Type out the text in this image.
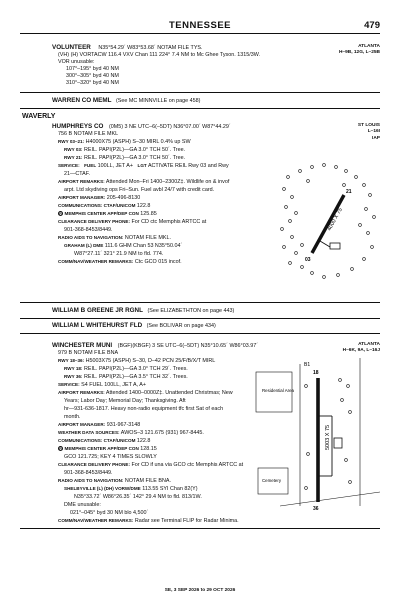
TENNESSEE	479
VOLUNTEER N35°54.29´ W83°53.68´ NOTAM FILE TYS.
(VH) (H) VORTACW 116.4 VXV Chan 111 224° 7.4 NM to Mc Ghee Tyson. 1315/3W.
VOR unusable:
107°–195° byd 40 NM
300°–305° byd 40 NM
310°–320° byd 40 NM
ATLANTA
H–9B, 12G, L–25B
WARREN CO MEML (See MC MINNVILLE on page 458)
WAVERLY
HUMPHREYS CO (0M5) 3 NE UTC–6(–5DT) N36°07.00´ W87°44.29´
756 B NOTAM FILE MKL
RWY 03–21: H4000X75 (ASPH) S–30 MIRL 0.4% up SW
RWY 03: REIL. PAPI(P2L)—GA 3.0° TCH 50´. Tree.
RWY 21: REIL. PAPI(P2L)—GA 3.0° TCH 50´. Tree.
SERVICE: FUEL 100LL, JET A+ LGT ACTIVATE REIL Rwy 03 and Rwy
21—CTAF.
AIRPORT REMARKS: Attended Mon–Fri 1400–2300Z‡. Wildlife on & invof
arpt. Ltd skydiving ops Fri–Sun. Fuel avbl 24/7 with credit card.
AIRPORT MANAGER: 205-496-8130
COMMUNICATIONS: CTAF/UNICOM 122.8
R MEMPHIS CENTER APP/DEP CON 125.85
CLEARANCE DELIVERY PHONE: For CD ctc Memphis ARTCC at
901-368-8453/8449.
RADIO AIDS TO NAVIGATION: NOTAM FILE MKL.
GRAHAM (L) DME 111.6 GHM Chan 53 N35°50.04´
W87°27.11´ 321° 21.9 NM to fld. 774.
COMM/NAV/WEATHER REMARKS: Ctc GCO 015 incof.
ST LOUIS
L–16I
IAP
4000 X 75
21
03
WILLIAM B GREENE JR RGNL (See ELIZABETHTON on page 443)
WILLIAM L WHITEHURST FLD (See BOLIVAR on page 434)
WINCHESTER MUNI (BGF)(KBGF) 3 SE UTC–6(–5DT) N35°10.65´ W86°03.97´
979 B NOTAM FILE BNA
RWY 18–36: H5003X75 (ASPH) S–30, D–42 PCN 25/F/B/X/T MIRL
RWY 18: REIL. PAPI(P2L)—GA 3.0° TCH 29´. Trees.
RWY 36: REIL. PAPI(P2L)—GA 3.5° TCH 32´. Trees.
SERVICE: S4 FUEL 100LL, JET A, A+
AIRPORT REMARKS: Attended 1400–0000Z‡. Unattended Christmas; New
Years; Labor Day; Memorial Day; Thanksgiving. Aft
hr—931-636-1817. Heavy non-radio equipment tfc first Sat of each
month.
AIRPORT MANAGER: 931-967-3148
WEATHER DATA SOURCES: AWOS–3 121.675 (931) 967-8445.
COMMUNICATIONS: CTAF/UNICOM 122.8
R MEMPHIS CENTER APP/DEP CON 128.15
GCO 121.725; KEY 4 TIMES SLOWLY
CLEARANCE DELIVERY PHONE: For CD if una via GCO ctc Memphis ARTCC at
901-368-8453/8449.
RADIO AIDS TO NAVIGATION: NOTAM FILE BNA.
SHELBYVILLE (L) (DH) VORW/DME 113.55 SYI Chan 82(Y)
N35°33.72´ W86°26.35´ 142° 29.4 NM to fld. 813/1W.
DME unusable:
021°–045° byd 30 NM blo 4,500´
COMM/NAV/WEATHER REMARKS: Radar see Terminal FLIP for Radar Minima.
ATLANTA
H–6K, 9A, L–16J
Residential Area
Cemetery
5003 X 75
18
36
B1
SE, 3 SEP 2026 to 29 OCT 2026
